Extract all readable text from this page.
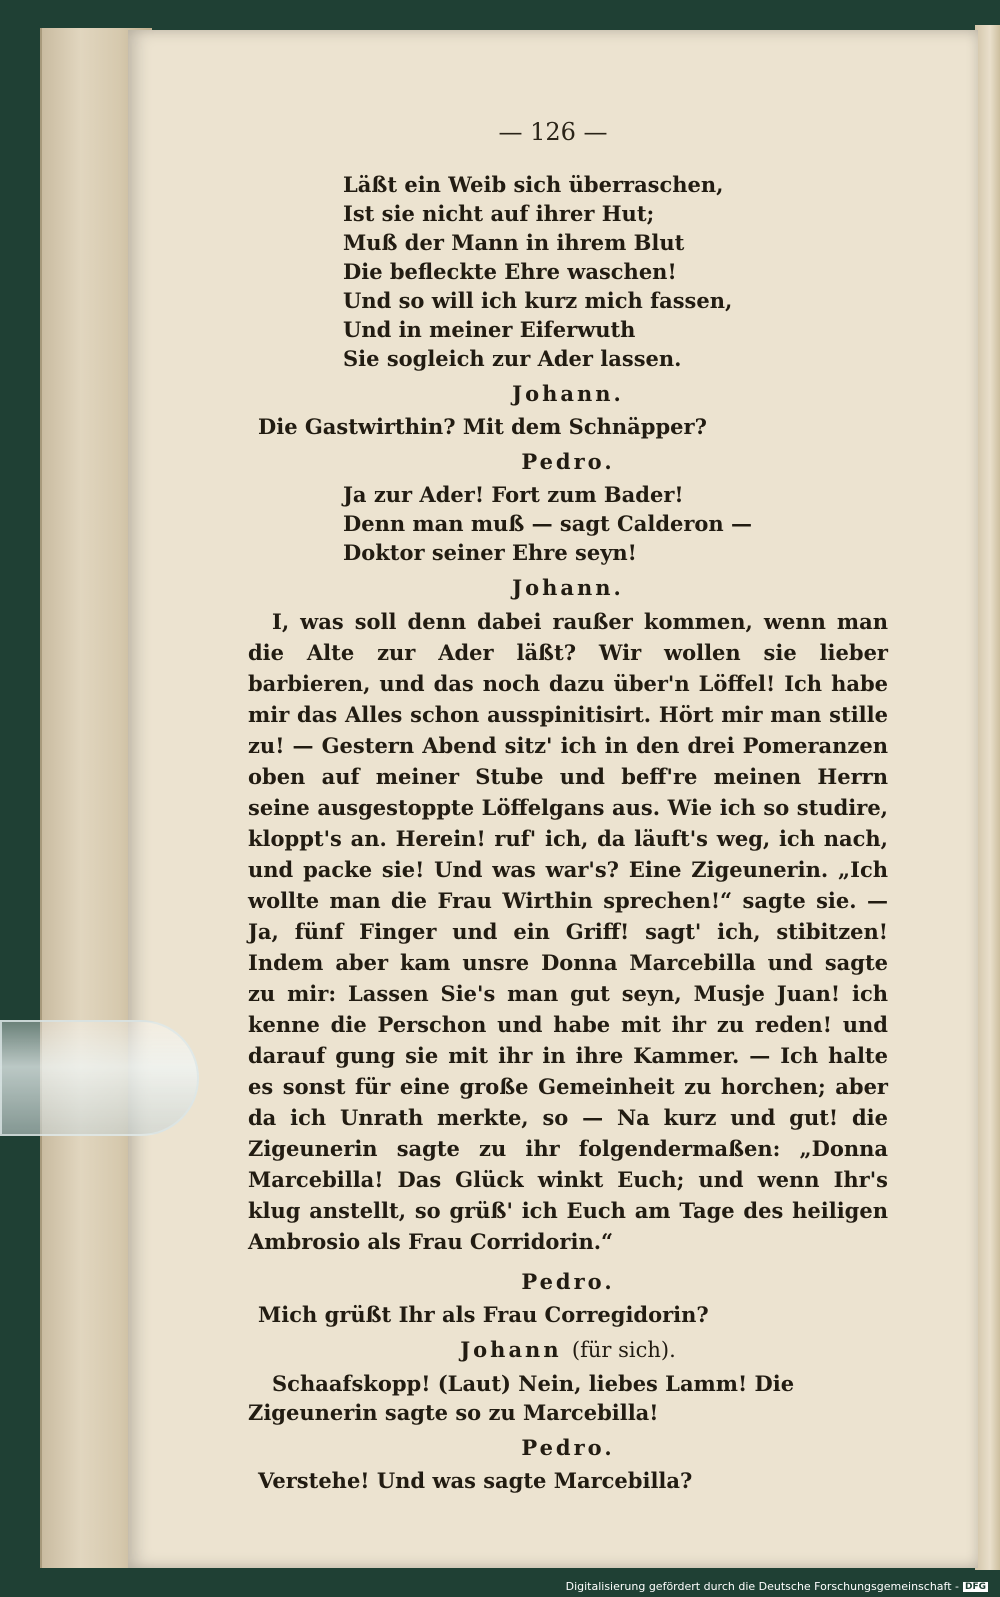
— 126 —
Läßt ein Weib sich überraschen,
Ist sie nicht auf ihrer Hut;
Muß der Mann in ihrem Blut
Die befleckte Ehre waschen!
Und so will ich kurz mich fassen,
Und in meiner Eiferwuth
Sie sogleich zur Ader lassen.
Johann.
Die Gastwirthin? Mit dem Schnäpper?
Pedro.
Ja zur Ader! Fort zum Bader!
Denn man muß — sagt Calderon —
Doktor seiner Ehre seyn!
Johann.

I, was soll denn dabei raußer kommen, wenn man die Alte zur Ader läßt? Wir wollen sie lieber barbieren, und das noch dazu über'n Löffel! Ich habe mir das Alles schon ausspinitisirt. Hört mir man stille zu! — Gestern Abend sitz' ich in den drei Pomeranzen oben auf meiner Stube und beff're meinen Herrn seine ausgestoppte Löffelgans aus. Wie ich so studire, kloppt's an. Herein! ruf' ich, da läuft's weg, ich nach, und packe sie! Und was war's? Eine Zigeunerin. „Ich wollte man die Frau Wirthin sprechen!“ sagte sie. — Ja, fünf Finger und ein Griff! sagt' ich, stibitzen! Indem aber kam unsre Donna Marcebilla und sagte zu mir: Lassen Sie's man gut seyn, Musje Juan! ich kenne die Perschon und habe mit ihr zu reden! und darauf gung sie mit ihr in ihre Kammer. — Ich halte es sonst für eine große Gemeinheit zu horchen; aber da ich Unrath merkte, so — Na kurz und gut! die Zigeunerin sagte zu ihr folgendermaßen: „Donna Marcebilla! Das Glück winkt Euch; und wenn Ihr's klug anstellt, so grüß' ich Euch am Tage des heiligen Ambrosio als Frau Corridorin.“

Pedro.
Mich grüßt Ihr als Frau Corregidorin?
Johann (für sich).

Schaafskopp! (Laut) Nein, liebes Lamm! Die Zigeunerin sagte so zu Marcebilla!

Pedro.
Verstehe! Und was sagte Marcebilla?
Digitalisierung gefördert durch die Deutsche Forschungsgemeinschaft - DFG
